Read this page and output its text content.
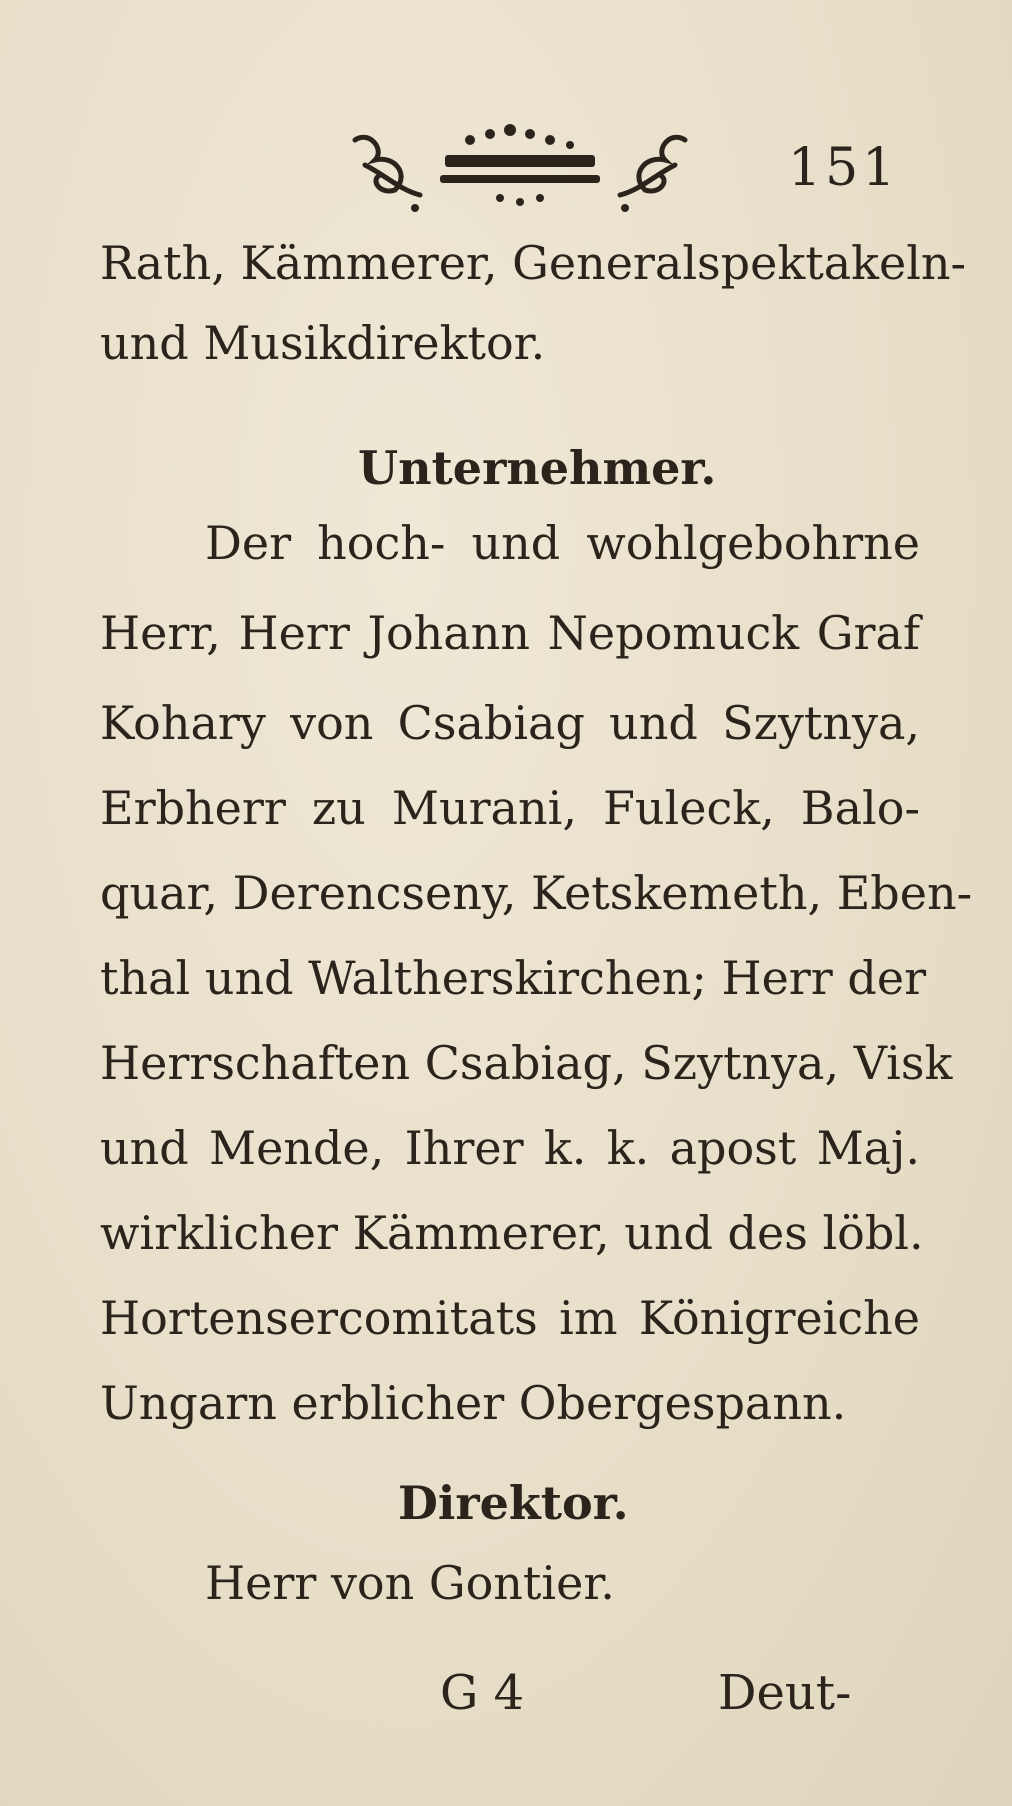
151
Rath, Kämmerer, Generalspektakeln-
und Musikdirektor.
Unternehmer.
Der hoch- und wohlgebohrne
Herr, Herr Johann Nepomuck Graf
Kohary von Csabiag und Szytnya,
Erbherr zu Murani, Fuleck, Balo-
quar, Derencseny, Ketskemeth, Eben-
thal und Waltherskirchen; Herr der
Herrschaften Csabiag, Szytnya, Visk
und Mende, Ihrer k. k. apost Maj.
wirklicher Kämmerer, und des löbl.
Hortensercomitats im Königreiche
Ungarn erblicher Obergespann.
Direktor.
Herr von Gontier.
G 4	Deut-
